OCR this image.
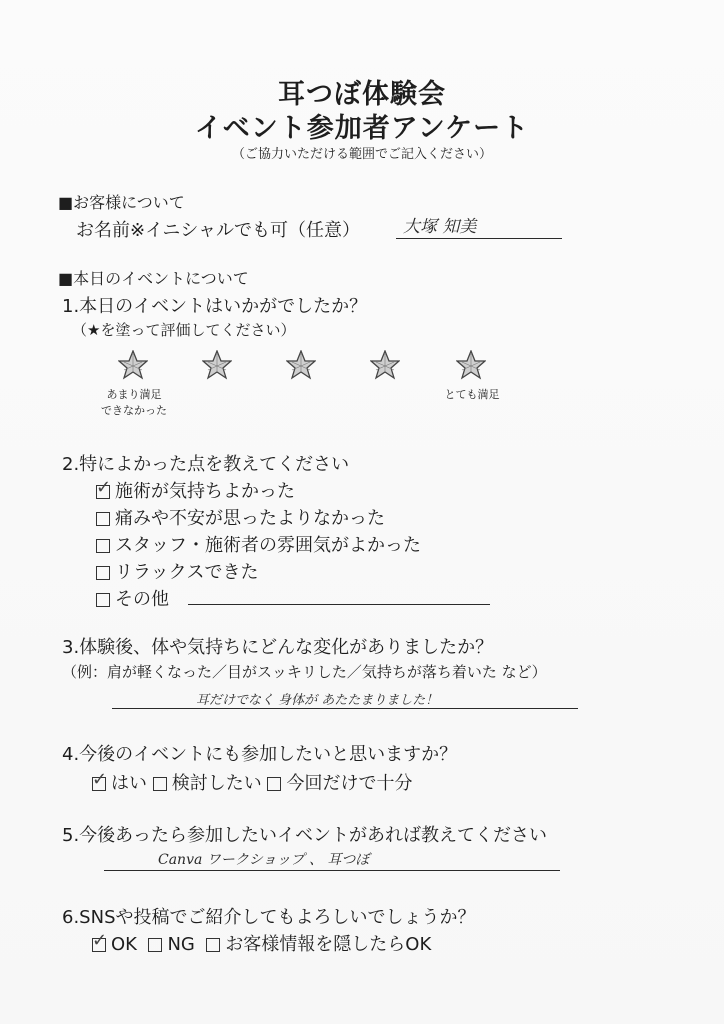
耳つぼ体験会
イベント参加者アンケート
（ご協力いただける範囲でご記入ください）
■お客様について
お名前※イニシャルでも可（任意）	大塚 知美
■本日のイベントについて
1.本日のイベントはいかがでしたか？
（★を塗って評価してください）
あまり満足
できなかった
とても満足
2.特によかった点を教えてください
✓ 施術が気持ちよかった
痛みや不安が思ったよりなかった
スタッフ・施術者の雰囲気がよかった
リラックスできた
その他
3.体験後、体や気持ちにどんな変化がありましたか？
（例：肩が軽くなった／目がスッキリした／気持ちが落ち着いた など）
耳だけでなく 身体が あたたまりました！
4.今後のイベントにも参加したいと思いますか？
✓ はい 検討したい 今回だけで十分
5.今後あったら参加したいイベントがあれば教えてください
Canva ワークショップ 、 耳つぼ
6.SNSや投稿でご紹介してもよろしいでしょうか？
✓ OK NG お客様情報を隠したらOK
